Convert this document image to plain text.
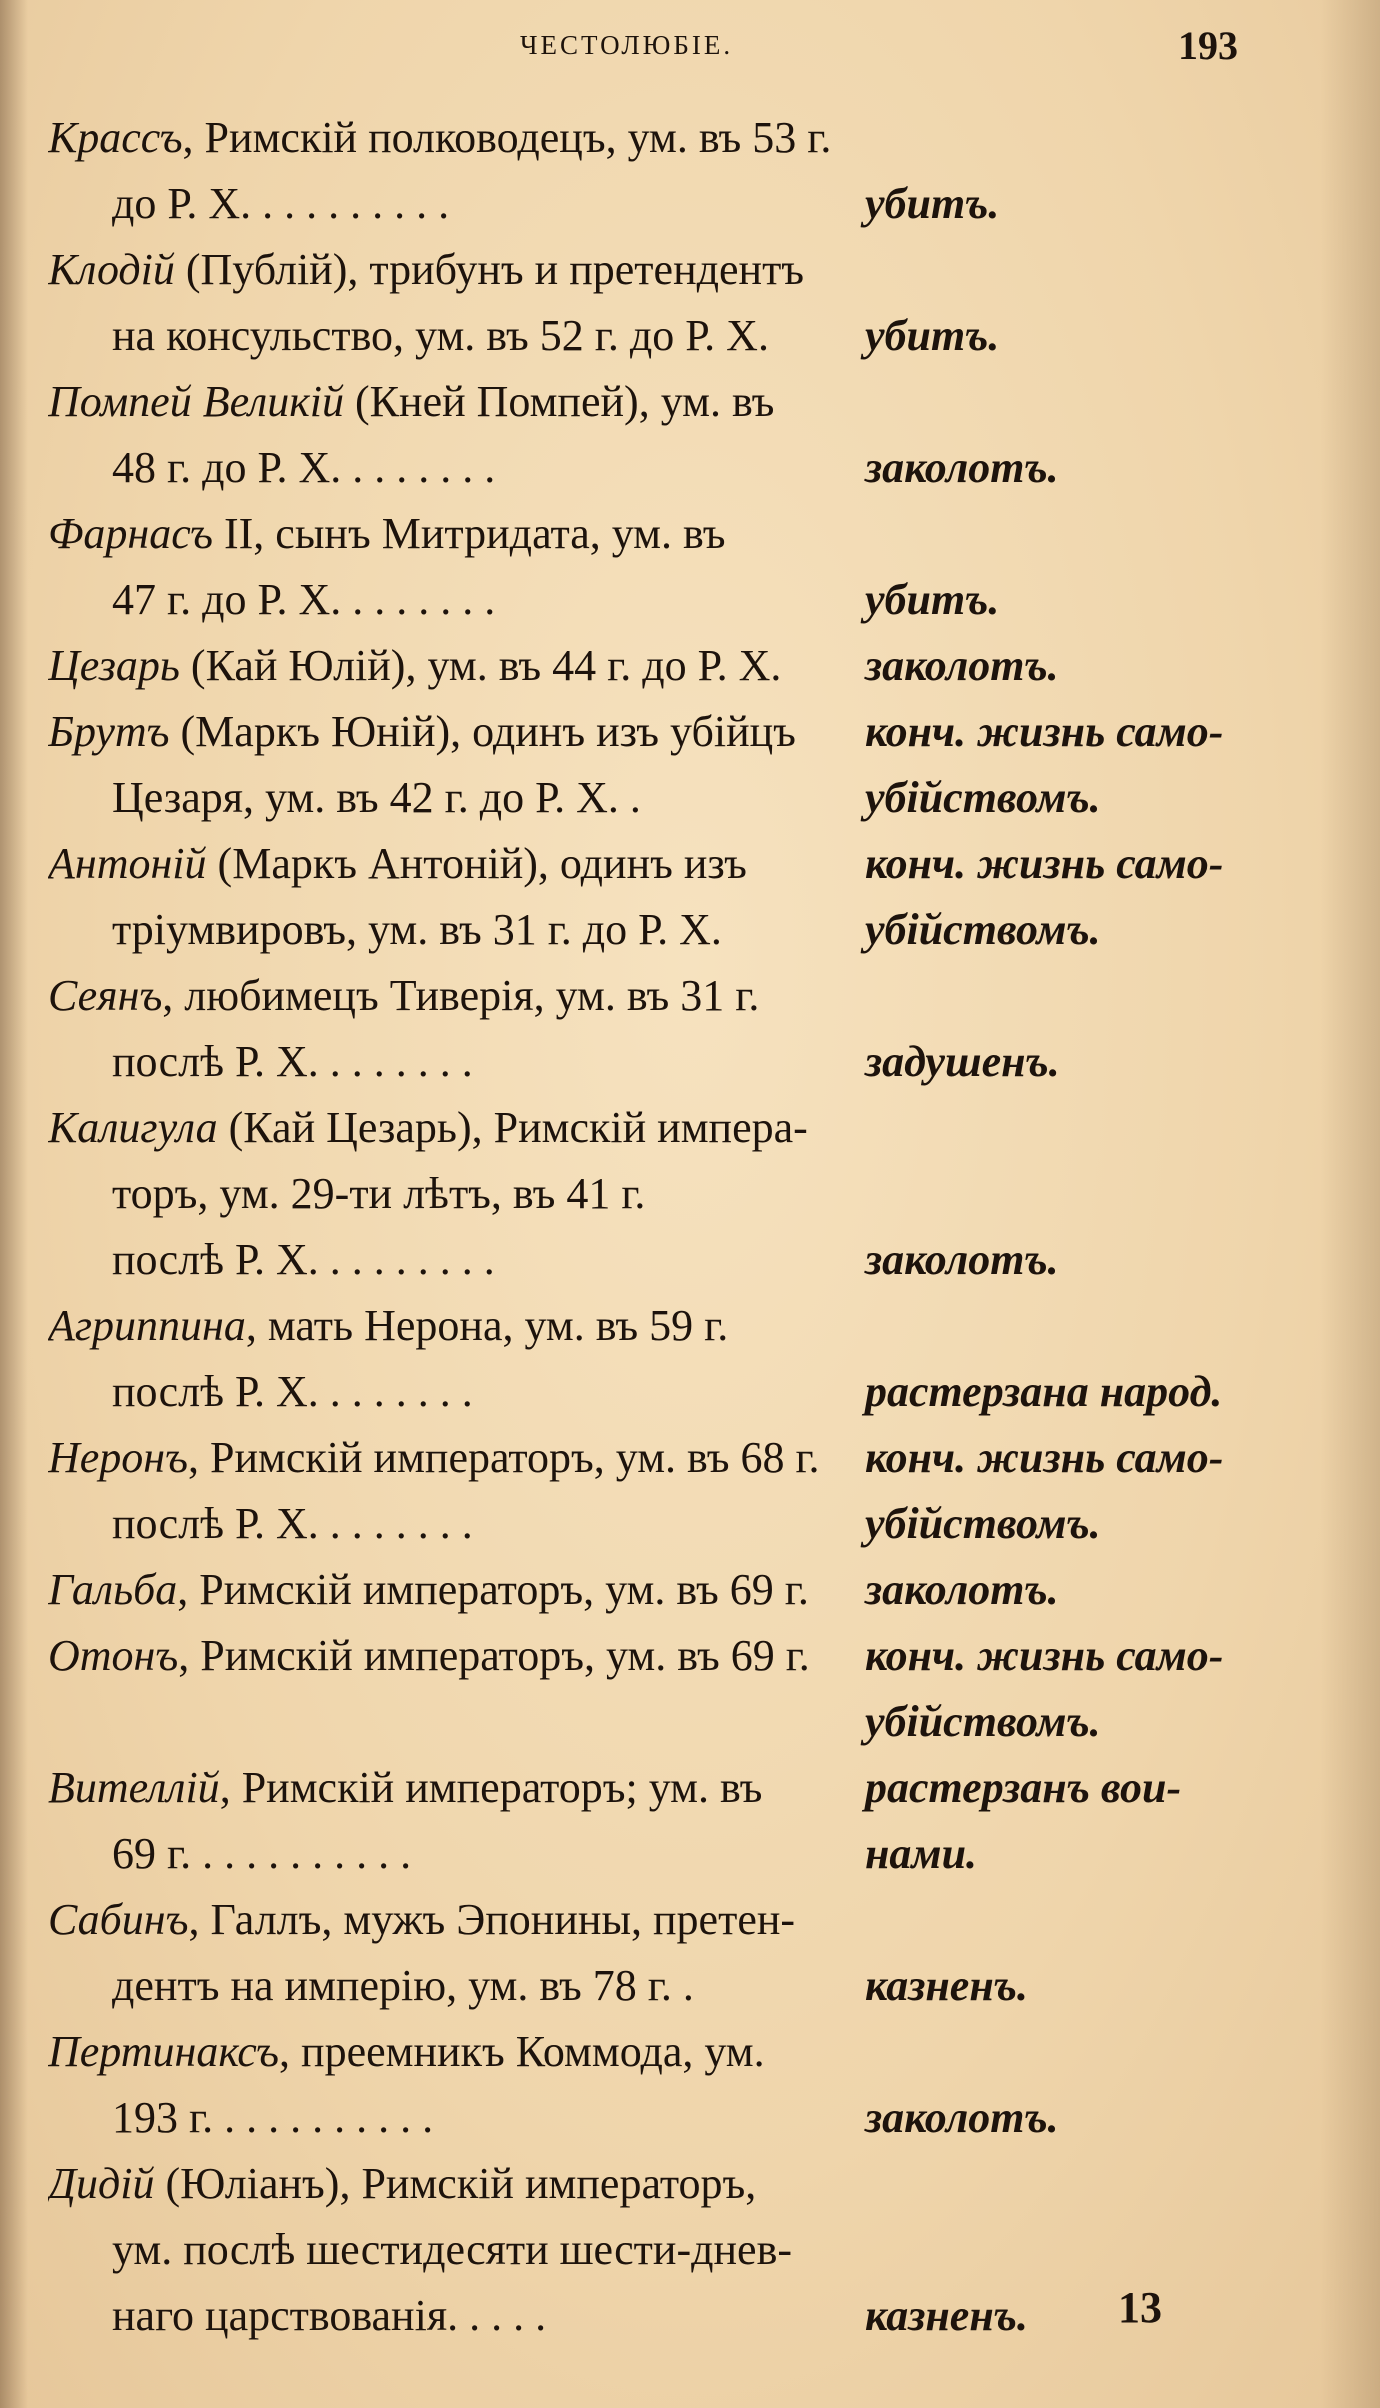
ЧЕСТОЛЮБІЕ.	193
Крассъ, Римскій полководецъ, ум. въ 53 г.
до Р. Х. . . . . . . . . .	убитъ.
Клодій (Публій), трибунъ и претендентъ
на консульство, ум. въ 52 г. до Р. Х.	убитъ.
Помпей Великій (Кней Помпей), ум. въ
48 г. до Р. Х. . . . . . . .	заколотъ.
Фарнасъ II, сынъ Митридата, ум. въ
47 г. до Р. Х. . . . . . . .	убитъ.
Цезарь (Кай Юлій), ум. въ 44 г. до Р. Х.	заколотъ.
Брутъ (Маркъ Юній), одинъ изъ убійцъ	конч. жизнь само-
Цезаря, ум. въ 42 г. до Р. Х. .	убійствомъ.
Антоній (Маркъ Антоній), одинъ изъ	конч. жизнь само-
тріумвировъ, ум. въ 31 г. до Р. Х.	убійствомъ.
Сеянъ, любимецъ Тиверія, ум. въ 31 г.
послѣ Р. Х. . . . . . . .	задушенъ.
Калигула (Кай Цезарь), Римскій импера-
торъ, ум. 29-ти лѣтъ, въ 41 г.
послѣ Р. Х. . . . . . . . .	заколотъ.
Агриппина, мать Нерона, ум. въ 59 г.
послѣ Р. Х. . . . . . . .	растерзана народ.
Неронъ, Римскій императоръ, ум. въ 68 г.	конч. жизнь само-
послѣ Р. Х. . . . . . . .	убійствомъ.
Гальба, Римскій императоръ, ум. въ 69 г.	заколотъ.
Отонъ, Римскій императоръ, ум. въ 69 г.	конч. жизнь само-
убійствомъ.
Вителлій, Римскій императоръ; ум. въ	растерзанъ вои-
69 г. . . . . . . . . . .	нами.
Сабинъ, Галлъ, мужъ Эпонины, претен-
дентъ на имперію, ум. въ 78 г. .	казненъ.
Пертинаксъ, преемникъ Коммода, ум.
193 г. . . . . . . . . . .	заколотъ.
Дидій (Юліанъ), Римскій императоръ,
ум. послѣ шестидесяти шести-днев-
наго царствованія. . . . .	казненъ. 13
